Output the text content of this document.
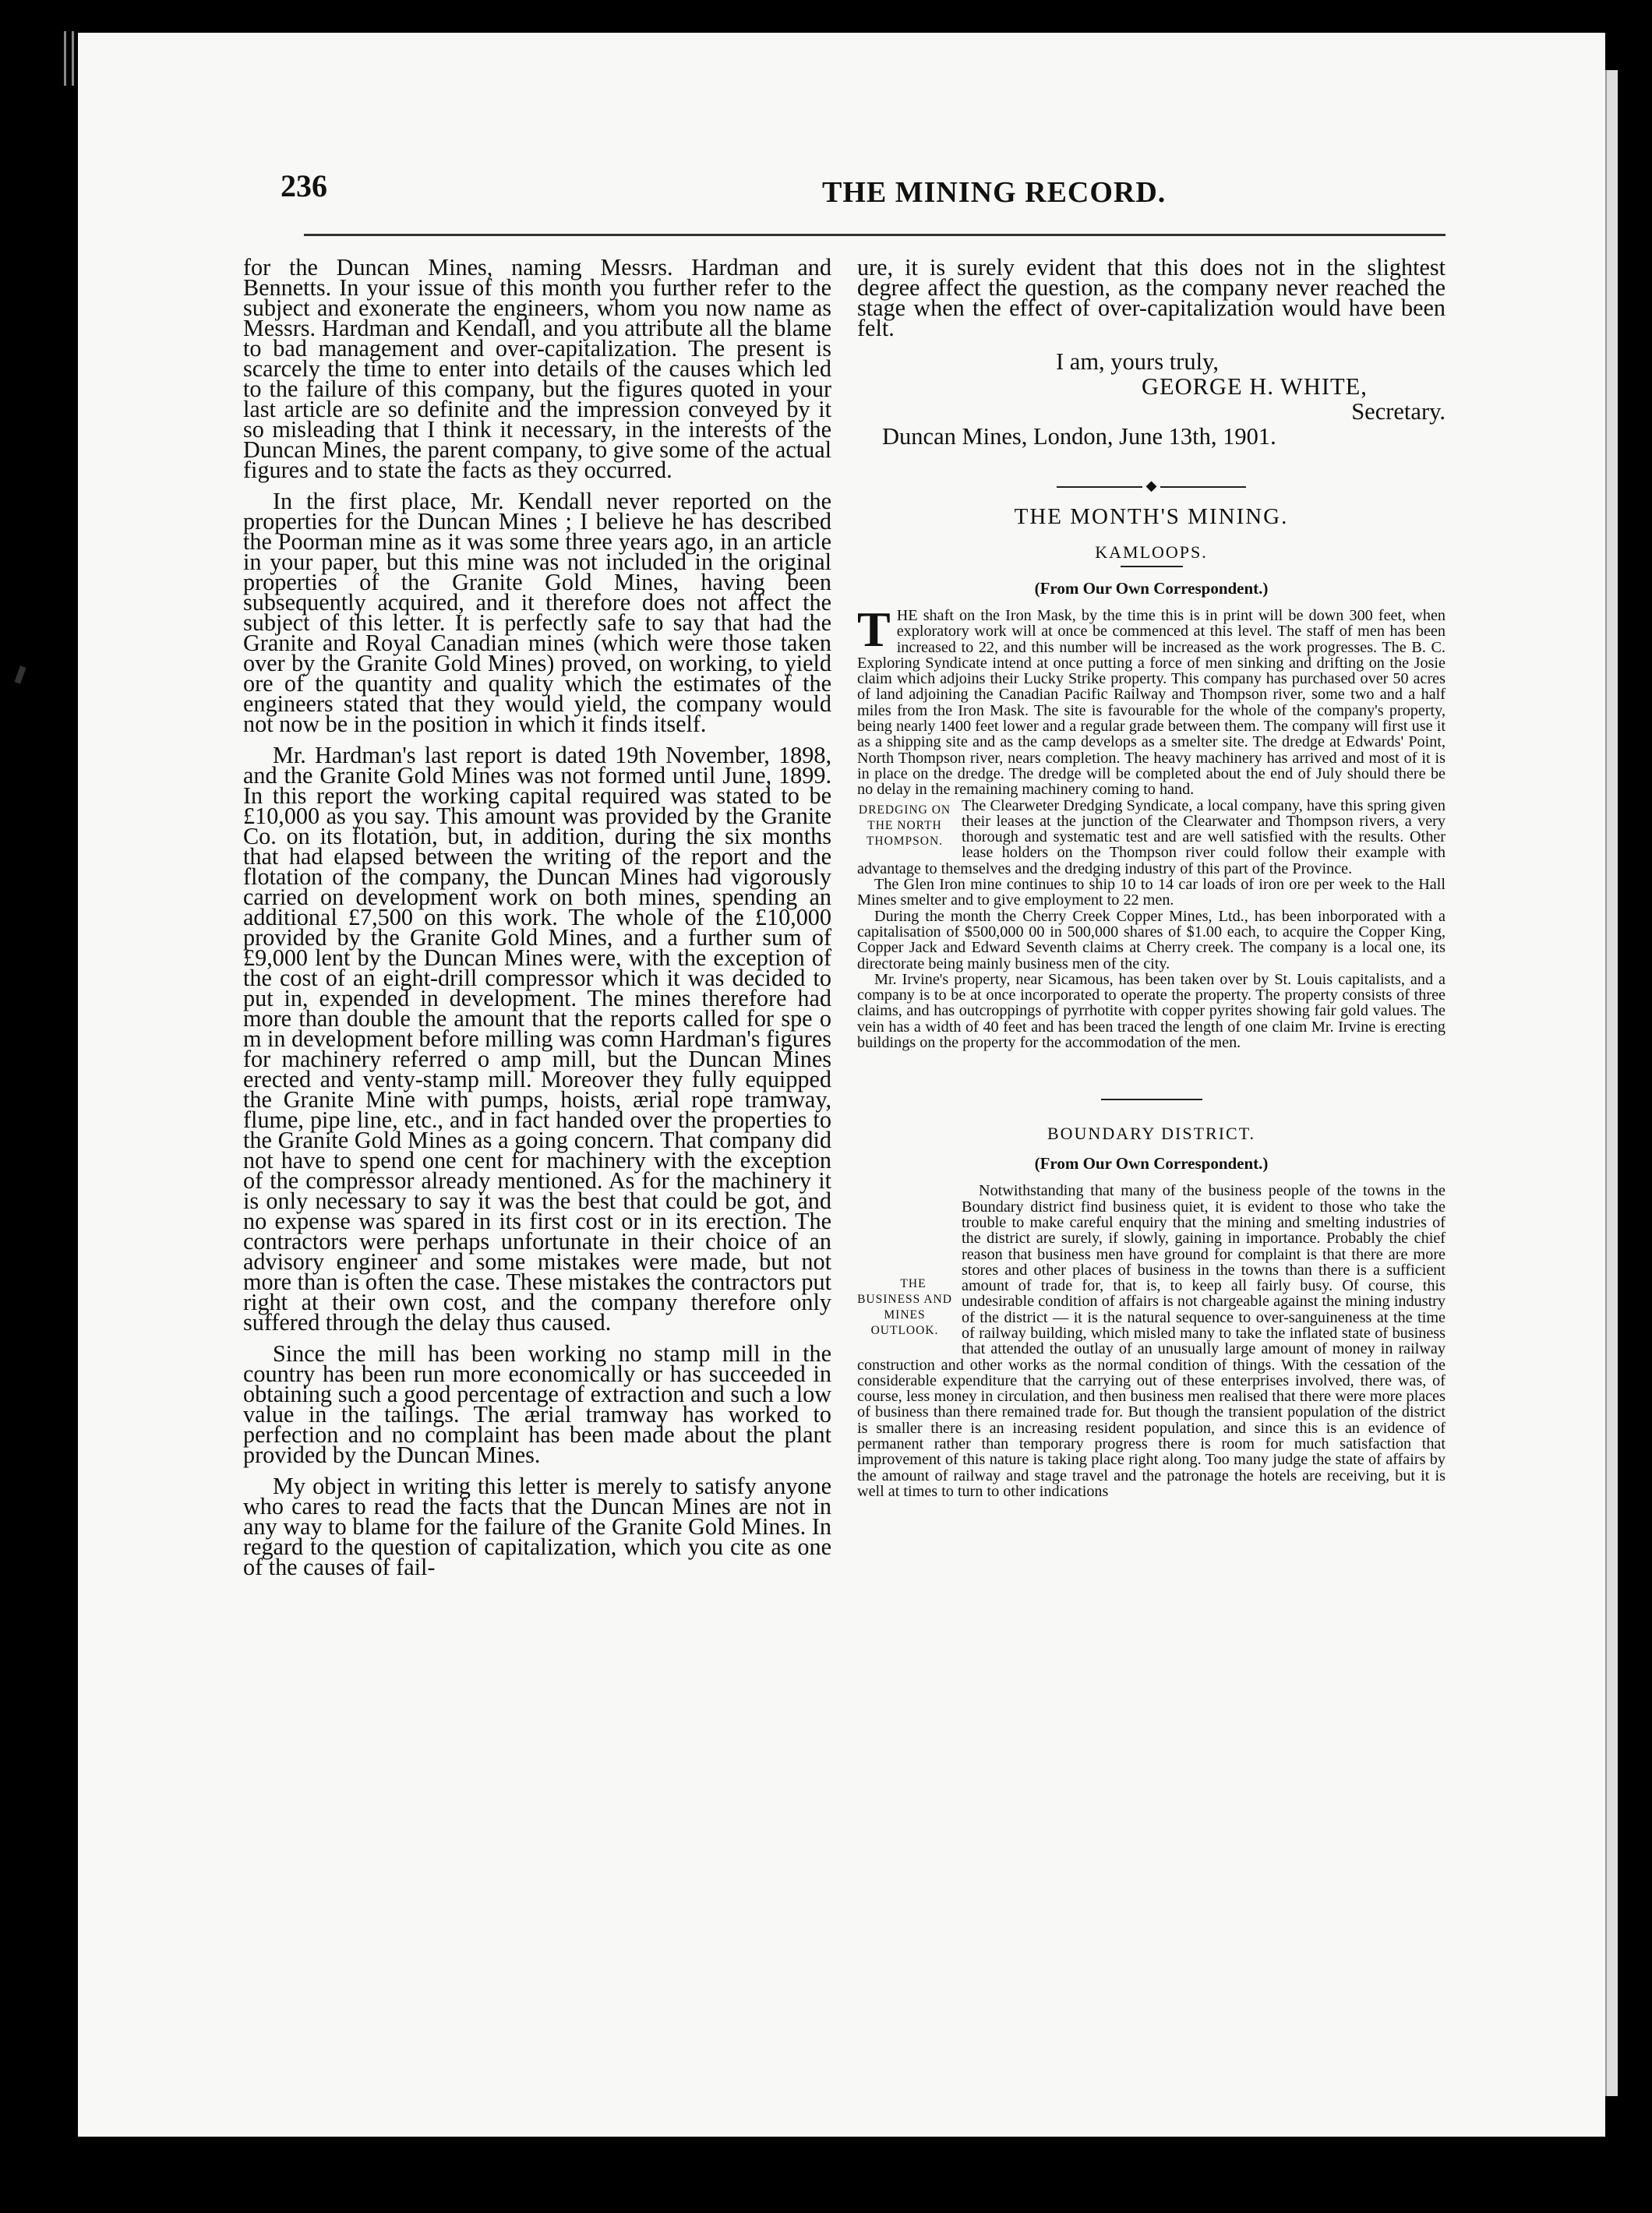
236	THE MINING RECORD.

for the Duncan Mines, naming Messrs. Hardman and Bennetts. In your issue of this month you further refer to the subject and exonerate the engineers, whom you now name as Messrs. Hardman and Kendall, and you attribute all the blame to bad management and over-capitalization. The present is scarcely the time to enter into details of the causes which led to the failure of this company, but the figures quoted in your last article are so definite and the impression conveyed by it so misleading that I think it necessary, in the interests of the Duncan Mines, the parent company, to give some of the actual figures and to state the facts as they occurred.

In the first place, Mr. Kendall never reported on the properties for the Duncan Mines ; I believe he has described the Poorman mine as it was some three years ago, in an article in your paper, but this mine was not included in the original properties of the Granite Gold Mines, having been subsequently acquired, and it therefore does not affect the subject of this letter. It is perfectly safe to say that had the Granite and Royal Canadian mines (which were those taken over by the Granite Gold Mines) proved, on working, to yield ore of the quantity and quality which the estimates of the engineers stated that they would yield, the company would not now be in the position in which it finds itself.

Mr. Hardman's last report is dated 19th November, 1898, and the Granite Gold Mines was not formed until June, 1899. In this report the working capital required was stated to be £10,000 as you say. This amount was provided by the Granite Co. on its flotation, but, in addition, during the six months that had elapsed between the writing of the report and the flotation of the company, the Duncan Mines had vigorously carried on development work on both mines, spending an additional £7,500 on this work. The whole of the £10,000 provided by the Granite Gold Mines, and a further sum of £9,000 lent by the Duncan Mines were, with the exception of the cost of an eight-drill compressor which it was decided to put in, expended in development. The mines therefore had more than double the amount that the reports called for spe o m in development before milling was comn Hardman's figures for machinery referred o amp mill, but the Duncan Mines erected and venty-stamp mill. Moreover they fully equipped the Granite Mine with pumps, hoists, ærial rope tramway, flume, pipe line, etc., and in fact handed over the properties to the Granite Gold Mines as a going concern. That company did not have to spend one cent for machinery with the exception of the compressor already mentioned. As for the machinery it is only necessary to say it was the best that could be got, and no expense was spared in its first cost or in its erection. The contractors were perhaps unfortunate in their choice of an advisory engineer and some mistakes were made, but not more than is often the case. These mistakes the contractors put right at their own cost, and the company therefore only suffered through the delay thus caused.

Since the mill has been working no stamp mill in the country has been run more economically or has succeeded in obtaining such a good percentage of extraction and such a low value in the tailings. The ærial tramway has worked to perfection and no complaint has been made about the plant provided by the Duncan Mines.

My object in writing this letter is merely to satisfy anyone who cares to read the facts that the Duncan Mines are not in any way to blame for the failure of the Granite Gold Mines. In regard to the question of capitalization, which you cite as one of the causes of fail-

ure, it is surely evident that this does not in the slightest degree affect the question, as the company never reached the stage when the effect of over-capitalization would have been felt.

I am, yours truly,
GEORGE H. WHITE,
Secretary.
Duncan Mines, London, June 13th, 1901.
◆
THE MONTH'S MINING.
KAMLOOPS.
(From Our Own Correspondent.)

T HE shaft on the Iron Mask, by the time this is in print will be down 300 feet, when exploratory work will at once be commenced at this level. The staff of men has been increased to 22, and this number will be increased as the work progresses. The B. C. Exploring Syndicate intend at once putting a force of men sinking and drifting on the Josie claim which adjoins their Lucky Strike property. This company has purchased over 50 acres of land adjoining the Canadian Pacific Railway and Thompson river, some two and a half miles from the Iron Mask. The site is favourable for the whole of the company's property, being nearly 1400 feet lower and a regular grade between them. The company will first use it as a shipping site and as the camp develops as a smelter site. The dredge at Edwards' Point, North Thompson river, nears completion. The heavy machinery has arrived and most of it is in place on the dredge. The dredge will be completed about the end of July should there be no delay in the remaining machinery coming to hand.

DREDGING ON THE NORTH THOMPSON.
The Clearweter Dredging Syndicate, a local company, have this spring given their leases at the junction of the Clearwater and Thompson rivers, a very thorough and systematic test and are well satisfied with the results. Other lease holders on the Thompson river could follow their example with advantage to themselves and the dredging industry of this part of the Province.

The Glen Iron mine continues to ship 10 to 14 car loads of iron ore per week to the Hall Mines smelter and to give employment to 22 men.

During the month the Cherry Creek Copper Mines, Ltd., has been inborporated with a capitalisation of $500,000 00 in 500,000 shares of $1.00 each, to acquire the Copper King, Copper Jack and Edward Seventh claims at Cherry creek. The company is a local one, its directorate being mainly business men of the city.

Mr. Irvine's property, near Sicamous, has been taken over by St. Louis capitalists, and a company is to be at once incorporated to operate the property. The property consists of three claims, and has outcroppings of pyrrhotite with copper pyrites showing fair gold values. The vein has a width of 40 feet and has been traced the length of one claim Mr. Irvine is erecting buildings on the property for the accommodation of the men.

BOUNDARY DISTRICT.
(From Our Own Correspondent.)

THE BUSINESS AND MINES OUTLOOK.
Notwithstanding that many of the business people of the towns in the Boundary district find business quiet, it is evident to those who take the trouble to make careful enquiry that the mining and smelting industries of the district are surely, if slowly, gaining in importance. Probably the chief reason that business men have ground for complaint is that there are more stores and other places of business in the towns than there is a sufficient amount of trade for, that is, to keep all fairly busy. Of course, this undesirable condition of affairs is not chargeable against the mining industry of the district — it is the natural sequence to over-sanguineness at the time of railway building, which misled many to take the inflated state of business that attended the outlay of an unusually large amount of money in railway construction and other works as the normal condition of things. With the cessation of the considerable expenditure that the carrying out of these enterprises involved, there was, of course, less money in circulation, and then business men realised that there were more places of business than there remained trade for. But though the transient population of the district is smaller there is an increasing resident population, and since this is an evidence of permanent rather than temporary progress there is room for much satisfaction that improvement of this nature is taking place right along. Too many judge the state of affairs by the amount of railway and stage travel and the patronage the hotels are receiving, but it is well at times to turn to other indications
